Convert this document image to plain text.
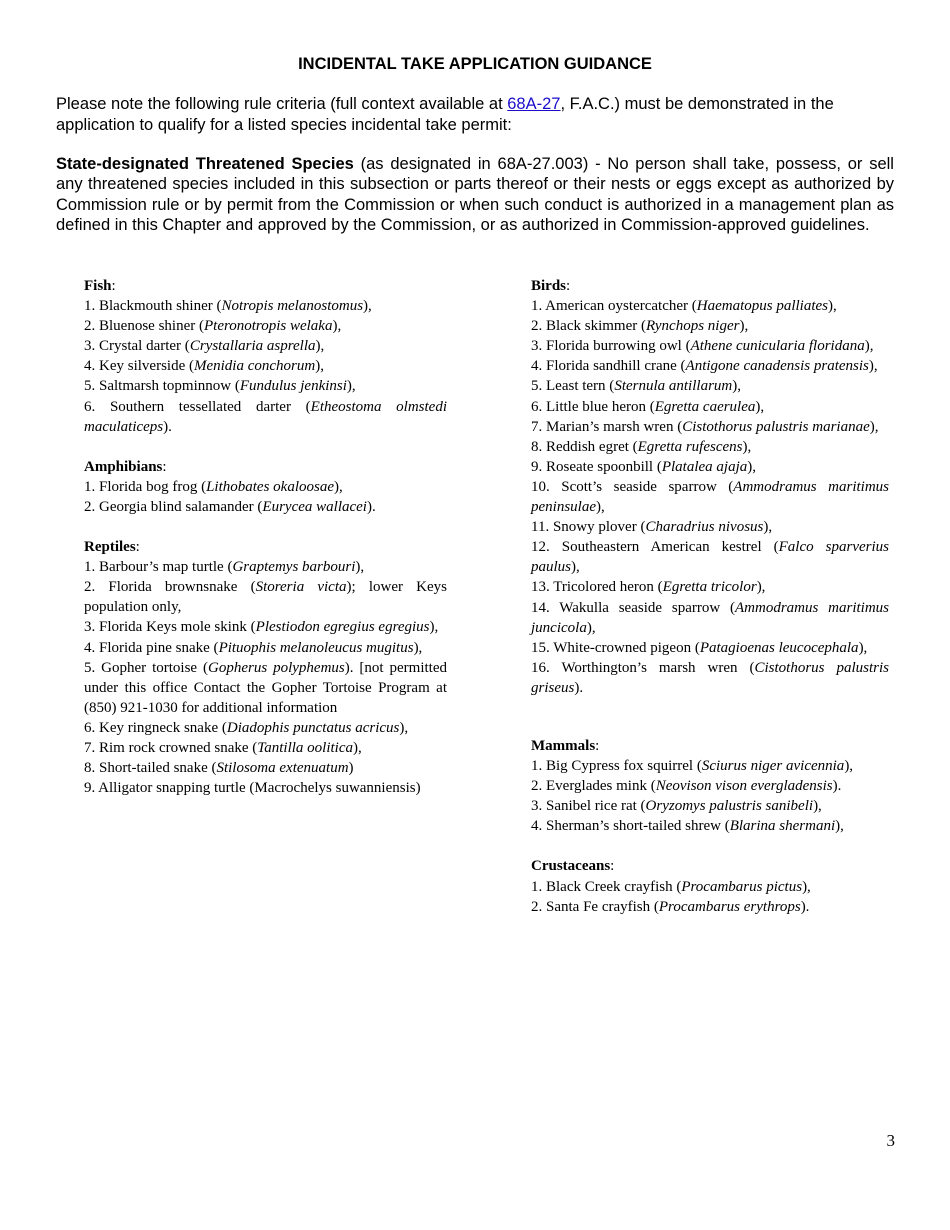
INCIDENTAL TAKE APPLICATION GUIDANCE

Please note the following rule criteria (full context available at 68A-27, F.A.C.) must be demonstrated in the application to qualify for a listed species incidental take permit:

State-designated Threatened Species (as designated in 68A-27.003) - No person shall take, possess, or sell any threatened species included in this subsection or parts thereof or their nests or eggs except as authorized by Commission rule or by permit from the Commission or when such conduct is authorized in a management plan as defined in this Chapter and approved by the Commission, or as authorized in Commission-approved guidelines.

Fish:

1. Blackmouth shiner (Notropis melanostomus),

2. Bluenose shiner (Pteronotropis welaka),

3. Crystal darter (Crystallaria asprella),

4. Key silverside (Menidia conchorum),

5. Saltmarsh topminnow (Fundulus jenkinsi),

6. Southern tessellated darter (Etheostoma olmstedi maculaticeps).

Amphibians:

1. Florida bog frog (Lithobates okaloosae),

2. Georgia blind salamander (Eurycea wallacei).

Reptiles:

1. Barbour’s map turtle (Graptemys barbouri),

2. Florida brownsnake (Storeria victa); lower Keys population only,

3. Florida Keys mole skink (Plestiodon egregius egregius),

4. Florida pine snake (Pituophis melanoleucus mugitus),

5. Gopher tortoise (Gopherus polyphemus). [not permitted under this office Contact the Gopher Tortoise Program at (850) 921-1030 for additional information

6. Key ringneck snake (Diadophis punctatus acricus),

7. Rim rock crowned snake (Tantilla oolitica),

8. Short-tailed snake (Stilosoma extenuatum)

9. Alligator snapping turtle (Macrochelys suwanniensis)

Birds:

1. American oystercatcher (Haematopus palliates),

2. Black skimmer (Rynchops niger),

3. Florida burrowing owl (Athene cunicularia floridana),

4. Florida sandhill crane (Antigone canadensis pratensis),

5. Least tern (Sternula antillarum),

6. Little blue heron (Egretta caerulea),

7. Marian’s marsh wren (Cistothorus palustris marianae),

8. Reddish egret (Egretta rufescens),

9. Roseate spoonbill (Platalea ajaja),

10. Scott’s seaside sparrow (Ammodramus maritimus peninsulae),

11. Snowy plover (Charadrius nivosus),

12. Southeastern American kestrel (Falco sparverius paulus),

13. Tricolored heron (Egretta tricolor),

14. Wakulla seaside sparrow (Ammodramus maritimus juncicola),

15. White-crowned pigeon (Patagioenas leucocephala),

16. Worthington’s marsh wren (Cistothorus palustris griseus).

Mammals:

1. Big Cypress fox squirrel (Sciurus niger avicennia),

2. Everglades mink (Neovison vison evergladensis).

3. Sanibel rice rat (Oryzomys palustris sanibeli),

4. Sherman’s short-tailed shrew (Blarina shermani),

Crustaceans:

1. Black Creek crayfish (Procambarus pictus),

2. Santa Fe crayfish (Procambarus erythrops).

3
